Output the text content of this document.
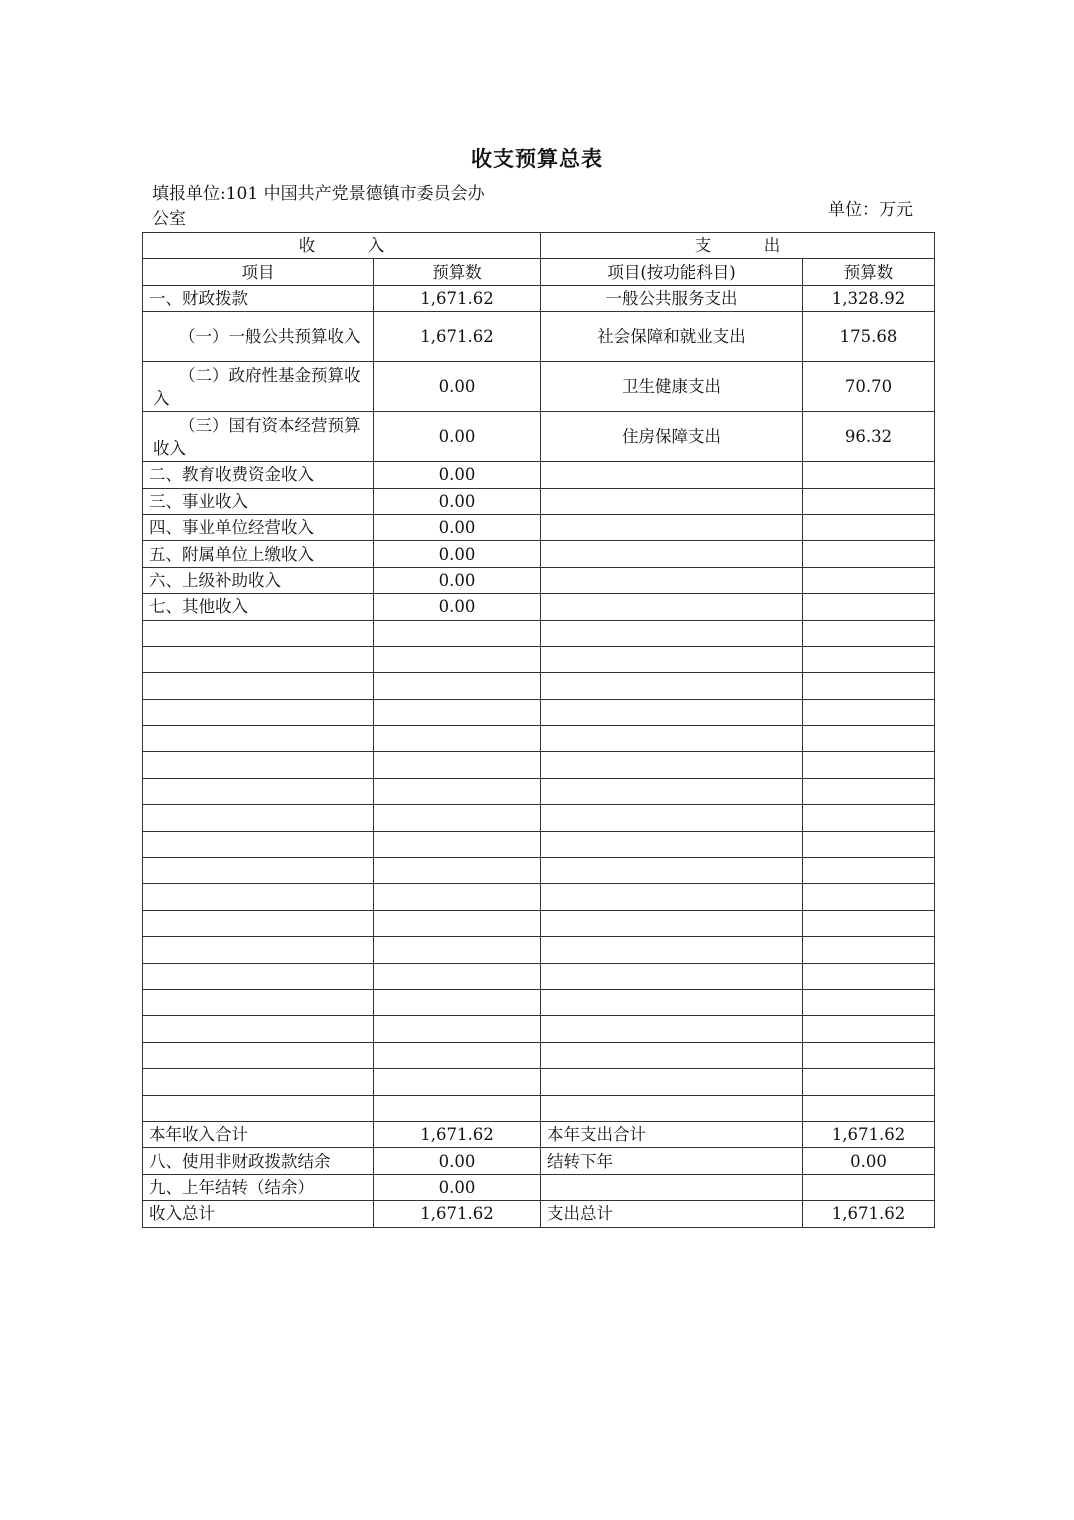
收支预算总表
填报单位:101 中国共产党景德镇市委员会办
公室	单位：万元
收          入		支          出	
项目	预算数	项目(按功能科目)	预算数
一、财政拨款	1,671.62	一般公共服务支出	1,328.92
（一）一般公共预算收入	1,671.62	社会保障和就业支出	175.68
（二）政府性基金预算收入	0.00	卫生健康支出	70.70
（三）国有资本经营预算收入	0.00	住房保障支出	96.32
二、教育收费资金收入	0.00		
三、事业收入	0.00		
四、事业单位经营收入	0.00		
五、附属单位上缴收入	0.00		
六、上级补助收入	0.00		
七、其他收入	0.00		

本年收入合计	1,671.62	本年支出合计	1,671.62
八、使用非财政拨款结余	0.00	结转下年	0.00
九、上年结转（结余）	0.00		
收入总计	1,671.62	支出总计	1,671.62
